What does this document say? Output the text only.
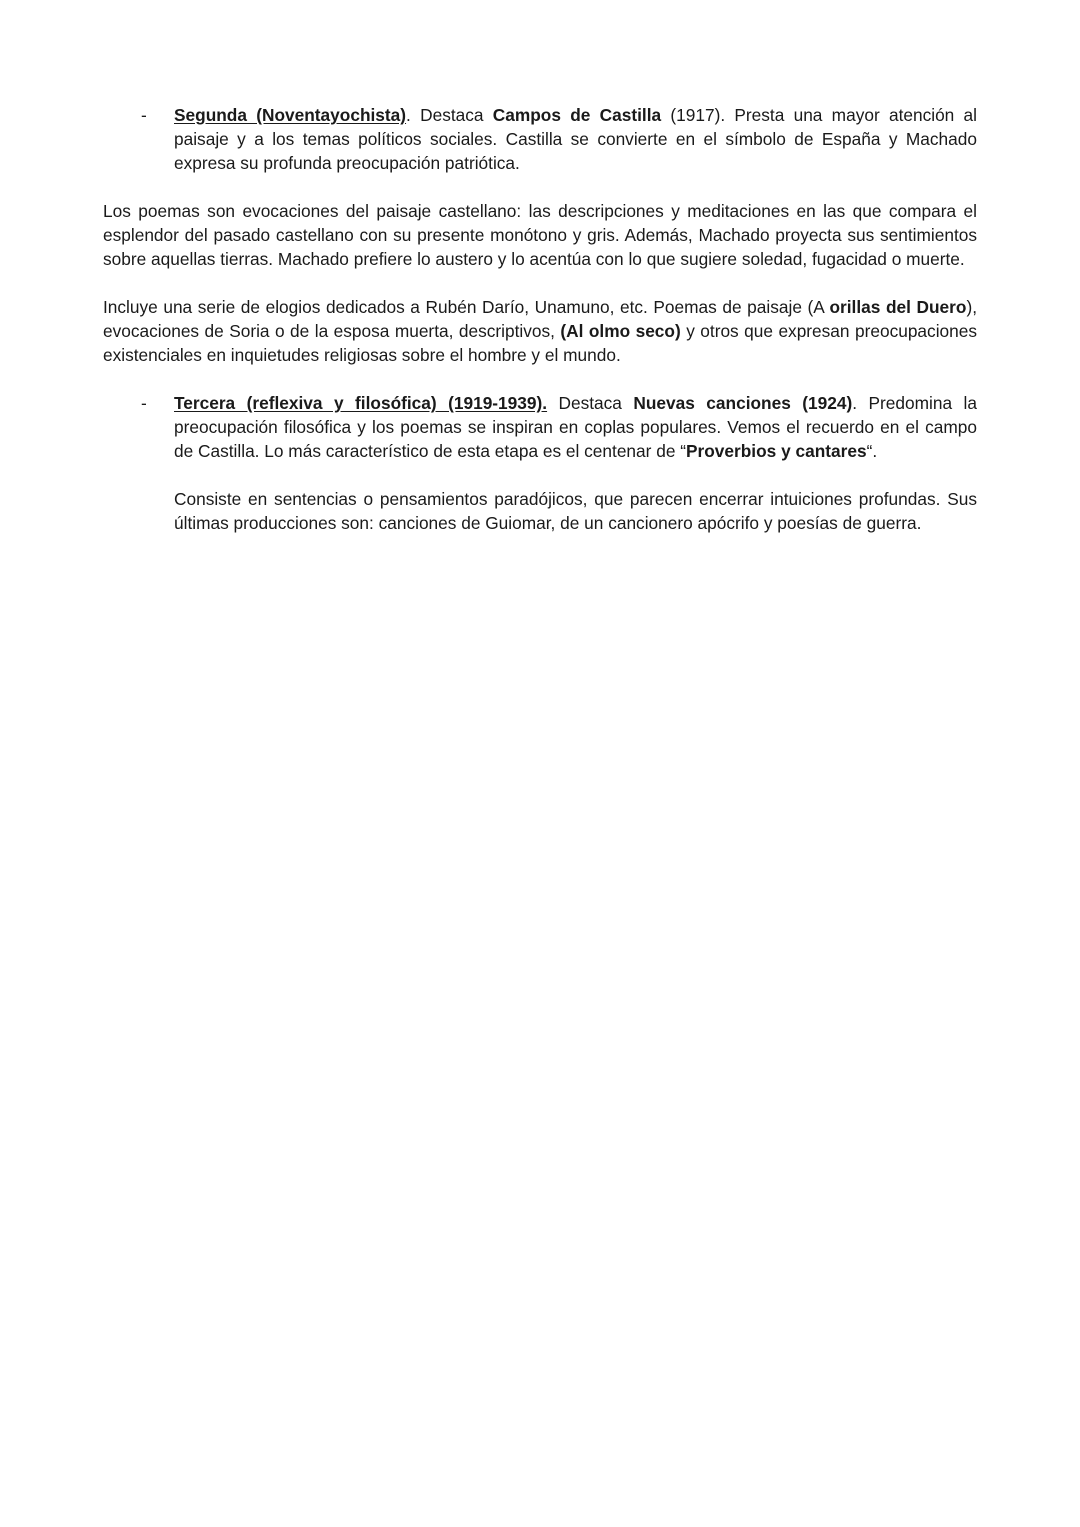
- Segunda (Noventayochista). Destaca Campos de Castilla (1917). Presta una mayor atención al paisaje y a los temas políticos sociales. Castilla se convierte en el símbolo de España y Machado expresa su profunda preocupación patriótica.

Los poemas son evocaciones del paisaje castellano: las descripciones y meditaciones en las que compara el esplendor del pasado castellano con su presente monótono y gris. Además, Machado proyecta sus sentimientos sobre aquellas tierras. Machado prefiere lo austero y lo acentúa con lo que sugiere soledad, fugacidad o muerte.

Incluye una serie de elogios dedicados a Rubén Darío, Unamuno, etc. Poemas de paisaje (A orillas del Duero), evocaciones de Soria o de la esposa muerta, descriptivos, (Al olmo seco) y otros que expresan preocupaciones existenciales en inquietudes religiosas sobre el hombre y el mundo.

- Tercera (reflexiva y filosófica) (1919-1939). Destaca Nuevas canciones (1924). Predomina la preocupación filosófica y los poemas se inspiran en coplas populares. Vemos el recuerdo en el campo de Castilla. Lo más característico de esta etapa es el centenar de “Proverbios y cantares“.

Consiste en sentencias o pensamientos paradójicos, que parecen encerrar intuiciones profundas. Sus últimas producciones son: canciones de Guiomar, de un cancionero apócrifo y poesías de guerra.
